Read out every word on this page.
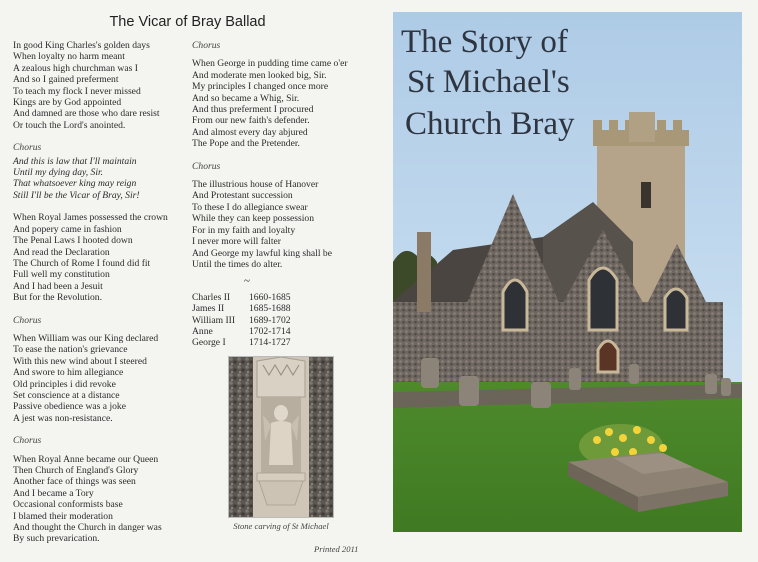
The Vicar of Bray Ballad

In good King Charles's golden days

When loyalty no harm meant

A zealous high churchman was I

And so I gained preferment

To teach my flock I never missed

Kings are by God appointed

And damned are those who dare resist

Or touch the Lord's anointed.

Chorus

And this is law that I'll maintain

Until my dying day, Sir.

That whatsoever king may reign

Still I'll be the Vicar of Bray, Sir!

When Royal James possessed the crown

And popery came in fashion

The Penal Laws I hooted down

And read the Declaration

The Church of Rome I found did fit

Full well my constitution

And I had been a Jesuit

But for the Revolution.

Chorus

When William was our King declared

To ease the nation's grievance

With this new wind about I steered

And swore to him allegiance

Old principles i did revoke

Set conscience at a distance

Passive obedience was a joke

A jest was non-resistance.

Chorus

When Royal Anne became our Queen

Then Church of England's Glory

Another face of things was seen

And I became a Tory

Occasional conformists base

I blamed their moderation

And thought the Church in danger was

By such prevarication.

Chorus

When George in pudding time came o'er

And moderate men looked big, Sir.

My principles I changed once more

And so became a Whig, Sir.

And thus preferment I procured

From our new faith's defender.

And almost every day abjured

The Pope and the Pretender.

Chorus

The illustrious house of Hanover

And Protestant succession

To these I do allegiance swear

While they can keep possession

For in my faith and loyalty

I never more will falter

And George my lawful king shall be

Until the times do alter.

~
Charles II	1660-1685
James II	1685-1688
William III	1689-1702
Anne	1702-1714
George I	1714-1727
Stone carving of St Michael
Printed 2011
The Story of
St Michael's
Church Bray
